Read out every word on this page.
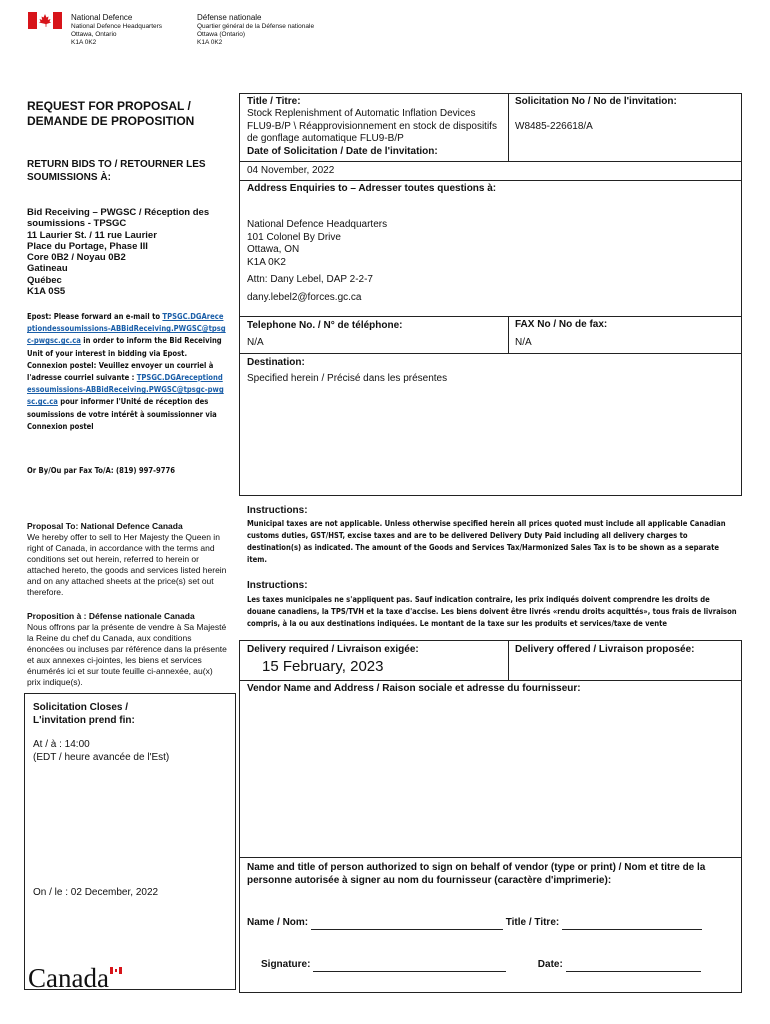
National Defence
National Defence Headquarters
Ottawa, Ontario
K1A 0K2
Défense nationale
Quartier général de la Défense nationale
Ottawa (Ontario)
K1A 0K2
REQUEST FOR PROPOSAL / DEMANDE DE PROPOSITION
RETURN BIDS TO / RETOURNER LES SOUMISSIONS À:
Bid Receiving – PWGSC / Réception des soumissions - TPSGC
11 Laurier St. / 11 rue Laurier
Place du Portage, Phase III
Core 0B2 / Noyau 0B2
Gatineau
Québec
K1A 0S5
Epost: Please forward an e-mail to TPSGC.DGAreceptiondessoumissions-ABBidReceiving.PWGSC@tpsgc-pwgsc.gc.ca in order to inform the Bid Receiving Unit of your interest in bidding via Epost. Connexion postel: Veuillez envoyer un courriel à l'adresse courriel suivante : TPSGC.DGAreceptiondessoumissions-ABBidReceiving.PWGSC@tpsgc-pwgsc.gc.ca pour informer l'Unité de réception des soumissions de votre intérêt à soumissionner via Connexion postel
Or By/Ou par Fax To/A: (819) 997-9776
Proposal To: National Defence Canada
We hereby offer to sell to Her Majesty the Queen in right of Canada, in accordance with the terms and conditions set out herein, referred to herein or attached hereto, the goods and services listed herein and on any attached sheets at the price(s) set out therefore.
Proposition à : Défense nationale Canada
Nous offrons par la présente de vendre à Sa Majesté la Reine du chef du Canada, aux conditions énoncées ou incluses par référence dans la présente et aux annexes ci-jointes, les biens et services énumérés ici et sur toute feuille ci-annexée, au(x) prix indique(s).
Solicitation Closes / L'invitation prend fin:
At / à : 14:00
(EDT / heure avancée de l'Est)
On / le : 02 December, 2022
Title / Titre:
Stock Replenishment of Automatic Inflation Devices FLU9-B/P \ Réapprovisionnement en stock de dispositifs de gonflage automatique FLU9-B/P
Date of Solicitation / Date de l'invitation:
Solicitation No / No de l'invitation:
W8485-226618/A
04 November, 2022
Address Enquiries to – Adresser toutes questions à:
National Defence Headquarters
101 Colonel By Drive
Ottawa, ON
K1A 0K2
Attn: Dany Lebel, DAP 2-2-7
dany.lebel2@forces.gc.ca
Telephone No. / N° de téléphone:
N/A
FAX No / No de fax:
N/A
Destination:
Specified herein / Précisé dans les présentes
Instructions:
Municipal taxes are not applicable. Unless otherwise specified herein all prices quoted must include all applicable Canadian customs duties, GST/HST, excise taxes and are to be delivered Delivery Duty Paid including all delivery charges to destination(s) as indicated. The amount of the Goods and Services Tax/Harmonized Sales Tax is to be shown as a separate item.
Instructions:
Les taxes municipales ne s'appliquent pas. Sauf indication contraire, les prix indiqués doivent comprendre les droits de douane canadiens, la TPS/TVH et la taxe d'accise. Les biens doivent être livrés «rendu droits acquittés», tous frais de livraison compris, à la ou aux destinations indiquées. Le montant de la taxe sur les produits et services/taxe de vente
Delivery required / Livraison exigée:
15 February, 2023
Delivery offered / Livraison proposée:
Vendor Name and Address / Raison sociale et adresse du fournisseur:
Name and title of person authorized to sign on behalf of vendor (type or print) / Nom et titre de la personne autorisée à signer au nom du fournisseur (caractère d'imprimerie):
Name / Nom:	Title / Titre:
Signature:	Date:
Canada
